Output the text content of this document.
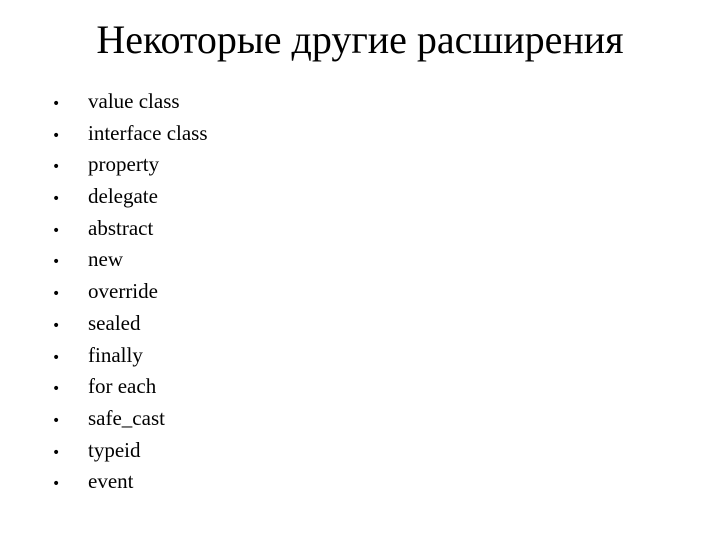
Некоторые другие расширения
•	value class
•	interface class
•	property
•	delegate
•	abstract
•	new
•	override
•	sealed
•	finally
•	for each
•	safe_cast
•	typeid
•	event
